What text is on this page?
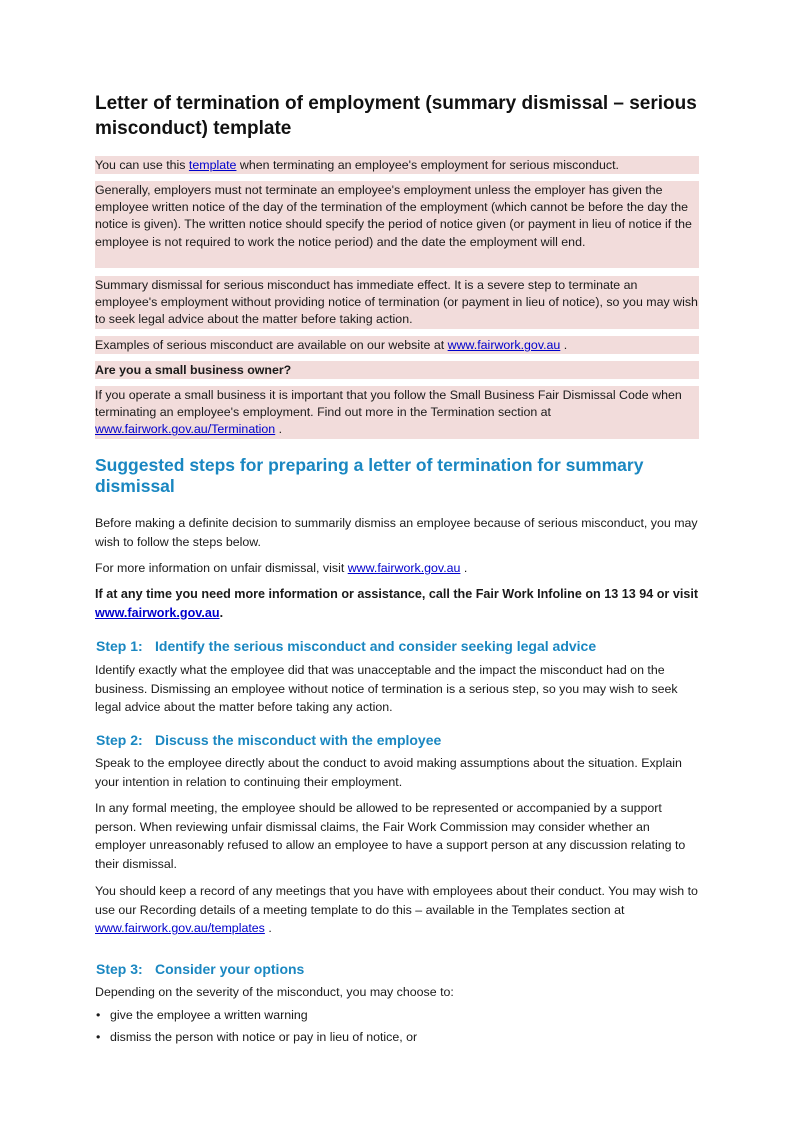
Letter of termination of employment (summary dismissal – serious misconduct) template

You can use this template when terminating an employee's employment for serious misconduct.

Generally, employers must not terminate an employee's employment unless the employer has given the employee written notice of the day of the termination of the employment (which cannot be before the day the notice is given). The written notice should specify the period of notice given (or payment in lieu of notice if the employee is not required to work the notice period) and the date the employment will end.

Summary dismissal for serious misconduct has immediate effect. It is a severe step to terminate an employee's employment without providing notice of termination (or payment in lieu of notice), so you may wish to seek legal advice about the matter before taking action.

Examples of serious misconduct are available on our website at www.fairwork.gov.au .

Are you a small business owner?

If you operate a small business it is important that you follow the Small Business Fair Dismissal Code when terminating an employee's employment. Find out more in the Termination section at www.fairwork.gov.au/Termination .

Suggested steps for preparing a letter of termination for summary dismissal

Before making a definite decision to summarily dismiss an employee because of serious misconduct, you may wish to follow the steps below.

For more information on unfair dismissal, visit www.fairwork.gov.au .

If at any time you need more information or assistance, call the Fair Work Infoline on 13 13 94 or visit www.fairwork.gov.au.

Step 1: Identify the serious misconduct and consider seeking legal advice

Identify exactly what the employee did that was unacceptable and the impact the misconduct had on the business. Dismissing an employee without notice of termination is a serious step, so you may wish to seek legal advice about the matter before taking any action.

Step 2: Discuss the misconduct with the employee

Speak to the employee directly about the conduct to avoid making assumptions about the situation. Explain your intention in relation to continuing their employment.

In any formal meeting, the employee should be allowed to be represented or accompanied by a support person. When reviewing unfair dismissal claims, the Fair Work Commission may consider whether an employer unreasonably refused to allow an employee to have a support person at any discussion relating to their dismissal.

You should keep a record of any meetings that you have with employees about their conduct. You may wish to use our Recording details of a meeting template to do this – available in the Templates section at www.fairwork.gov.au/templates .

Step 3: Consider your options

Depending on the severity of the misconduct, you may choose to:

• give the employee a written warning
• dismiss the person with notice or pay in lieu of notice, or
